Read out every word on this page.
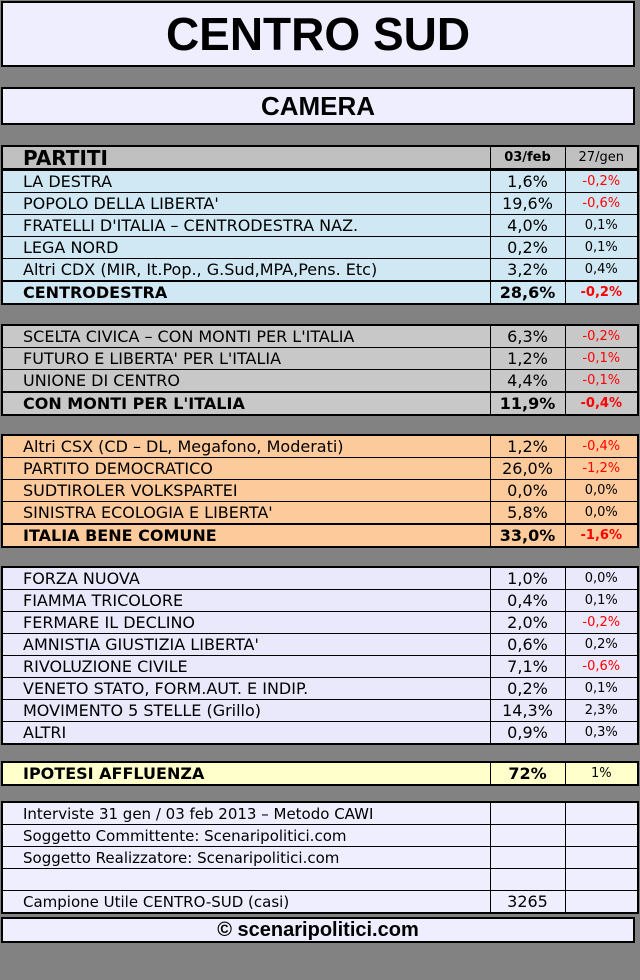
CENTRO SUD
CAMERA
PARTITI	03/feb	27/gen
LA DESTRA	1,6%	-0,2%
POPOLO DELLA LIBERTA'	19,6%	-0,6%
FRATELLI D'ITALIA – CENTRODESTRA NAZ.	4,0%	0,1%
LEGA NORD	0,2%	0,1%
Altri CDX (MIR, It.Pop., G.Sud,MPA,Pens. Etc)	3,2%	0,4%
CENTRODESTRA	28,6%	-0,2%
SCELTA CIVICA – CON MONTI PER L'ITALIA	6,3%	-0,2%
FUTURO E LIBERTA' PER L'ITALIA	1,2%	-0,1%
UNIONE DI CENTRO	4,4%	-0,1%
CON MONTI PER L'ITALIA	11,9%	-0,4%
Altri CSX (CD – DL, Megafono, Moderati)	1,2%	-0,4%
PARTITO DEMOCRATICO	26,0%	-1,2%
SUDTIROLER VOLKSPARTEI	0,0%	0,0%
SINISTRA ECOLOGIA E LIBERTA'	5,8%	0,0%
ITALIA BENE COMUNE	33,0%	-1,6%
FORZA NUOVA	1,0%	0,0%
FIAMMA TRICOLORE	0,4%	0,1%
FERMARE IL DECLINO	2,0%	-0,2%
AMNISTIA GIUSTIZIA LIBERTA'	0,6%	0,2%
RIVOLUZIONE CIVILE	7,1%	-0,6%
VENETO STATO, FORM.AUT. E INDIP.	0,2%	0,1%
MOVIMENTO 5 STELLE (Grillo)	14,3%	2,3%
ALTRI	0,9%	0,3%
IPOTESI AFFLUENZA	72%	1%
Interviste 31 gen / 03 feb 2013 – Metodo CAWI		
Soggetto Committente: Scenaripolitici.com		
Soggetto Realizzatore: Scenaripolitici.com		

Campione Utile CENTRO-SUD (casi)	3265	
© scenaripolitici.com
